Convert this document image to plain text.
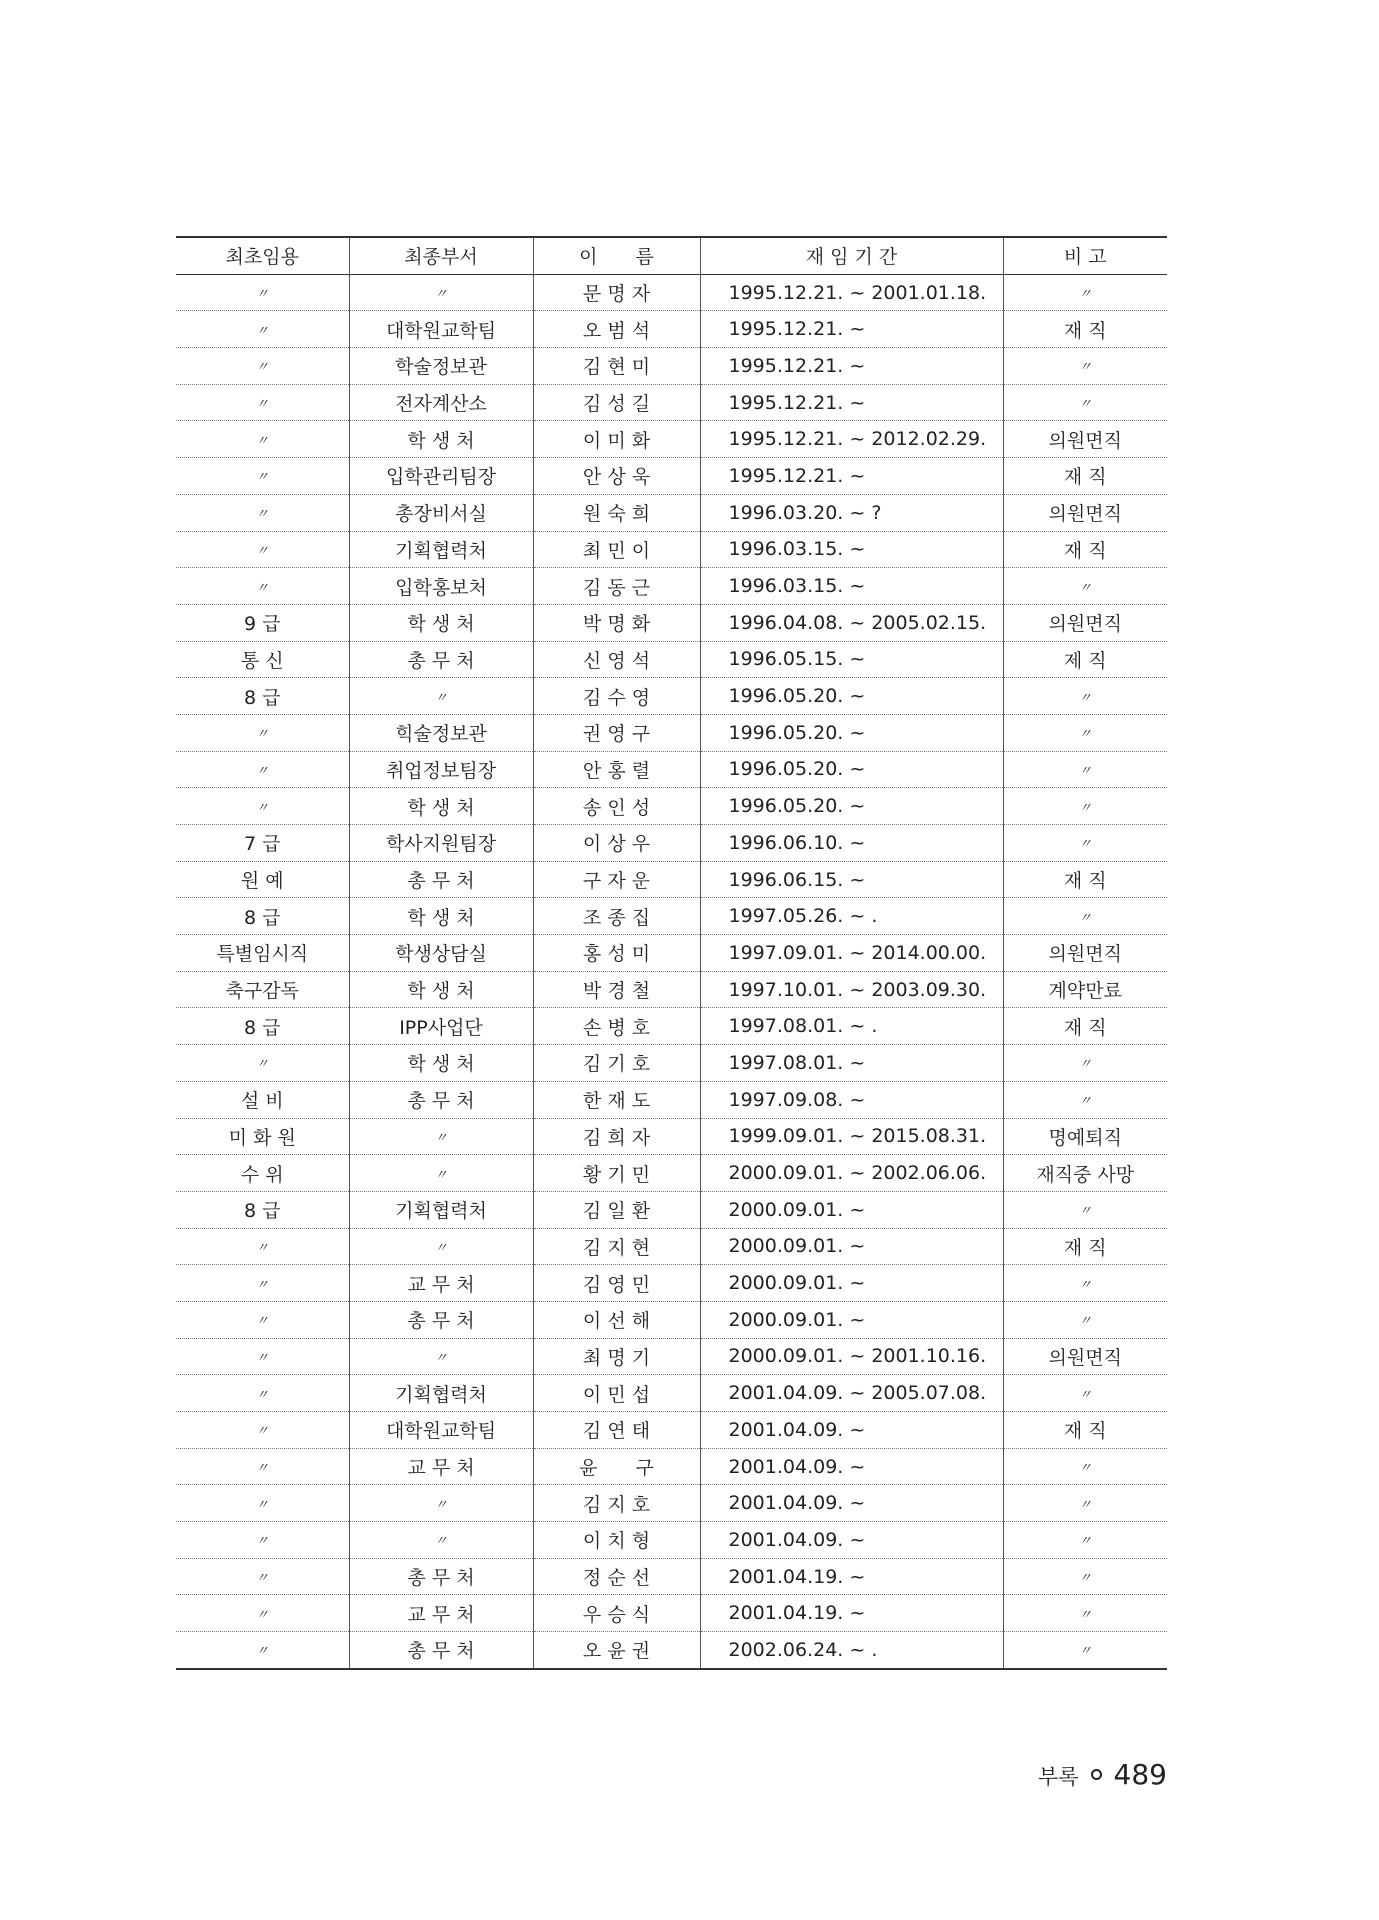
최초임용	최종부서	이　　름	재 임 기 간	비 고
〃	〃	문 명 자	1995.12.21. ~ 2001.01.18.	〃
〃	대학원교학팀	오 범 석	1995.12.21. ~	재 직
〃	학술정보관	김 현 미	1995.12.21. ~	〃
〃	전자계산소	김 성 길	1995.12.21. ~	〃
〃	학 생 처	이 미 화	1995.12.21. ~ 2012.02.29.	의원면직
〃	입학관리팀장	안 상 욱	1995.12.21. ~	재 직
〃	총장비서실	원 숙 희	1996.03.20. ~ ?	의원면직
〃	기획협력처	최 민 이	1996.03.15. ~	재 직
〃	입학홍보처	김 동 근	1996.03.15. ~	〃
9 급	학 생 처	박 명 화	1996.04.08. ~ 2005.02.15.	의원면직
통 신	총 무 처	신 영 석	1996.05.15. ~	제 직
8 급	〃	김 수 영	1996.05.20. ~	〃
〃	힉술정보관	권 영 구	1996.05.20. ~	〃
〃	취업정보팀장	안 홍 렬	1996.05.20. ~	〃
〃	학 생 처	송 인 성	1996.05.20. ~	〃
7 급	학사지원팀장	이 상 우	1996.06.10. ~	〃
원 예	총 무 처	구 자 운	1996.06.15. ~	재 직
8 급	학 생 처	조 종 집	1997.05.26. ~ .	〃
특별임시직	학생상담실	홍 성 미	1997.09.01. ~ 2014.00.00.	의원면직
축구감독	학 생 처	박 경 철	1997.10.01. ~ 2003.09.30.	계약만료
8 급	IPP사업단	손 병 호	1997.08.01. ~ .	재 직
〃	학 생 처	김 기 호	1997.08.01. ~	〃
설 비	총 무 처	한 재 도	1997.09.08. ~	〃
미 화 원	〃	김 희 자	1999.09.01. ~ 2015.08.31.	명예퇴직
수 위	〃	황 기 민	2000.09.01. ~ 2002.06.06.	재직중 사망
8 급	기획협력처	김 일 환	2000.09.01. ~	〃
〃	〃	김 지 현	2000.09.01. ~	재 직
〃	교 무 처	김 영 민	2000.09.01. ~	〃
〃	총 무 처	이 선 해	2000.09.01. ~	〃
〃	〃	최 명 기	2000.09.01. ~ 2001.10.16.	의원면직
〃	기획협력처	이 민 섭	2001.04.09. ~ 2005.07.08.	〃
〃	대학원교학팀	김 연 태	2001.04.09. ~	재 직
〃	교 무 처	윤　　구	2001.04.09. ~	〃
〃	〃	김 지 호	2001.04.09. ~	〃
〃	〃	이 치 형	2001.04.09. ~	〃
〃	총 무 처	정 순 선	2001.04.19. ~	〃
〃	교 무 처	우 승 식	2001.04.19. ~	〃
〃	총 무 처	오 윤 권	2002.06.24. ~ .	〃
부록 489
